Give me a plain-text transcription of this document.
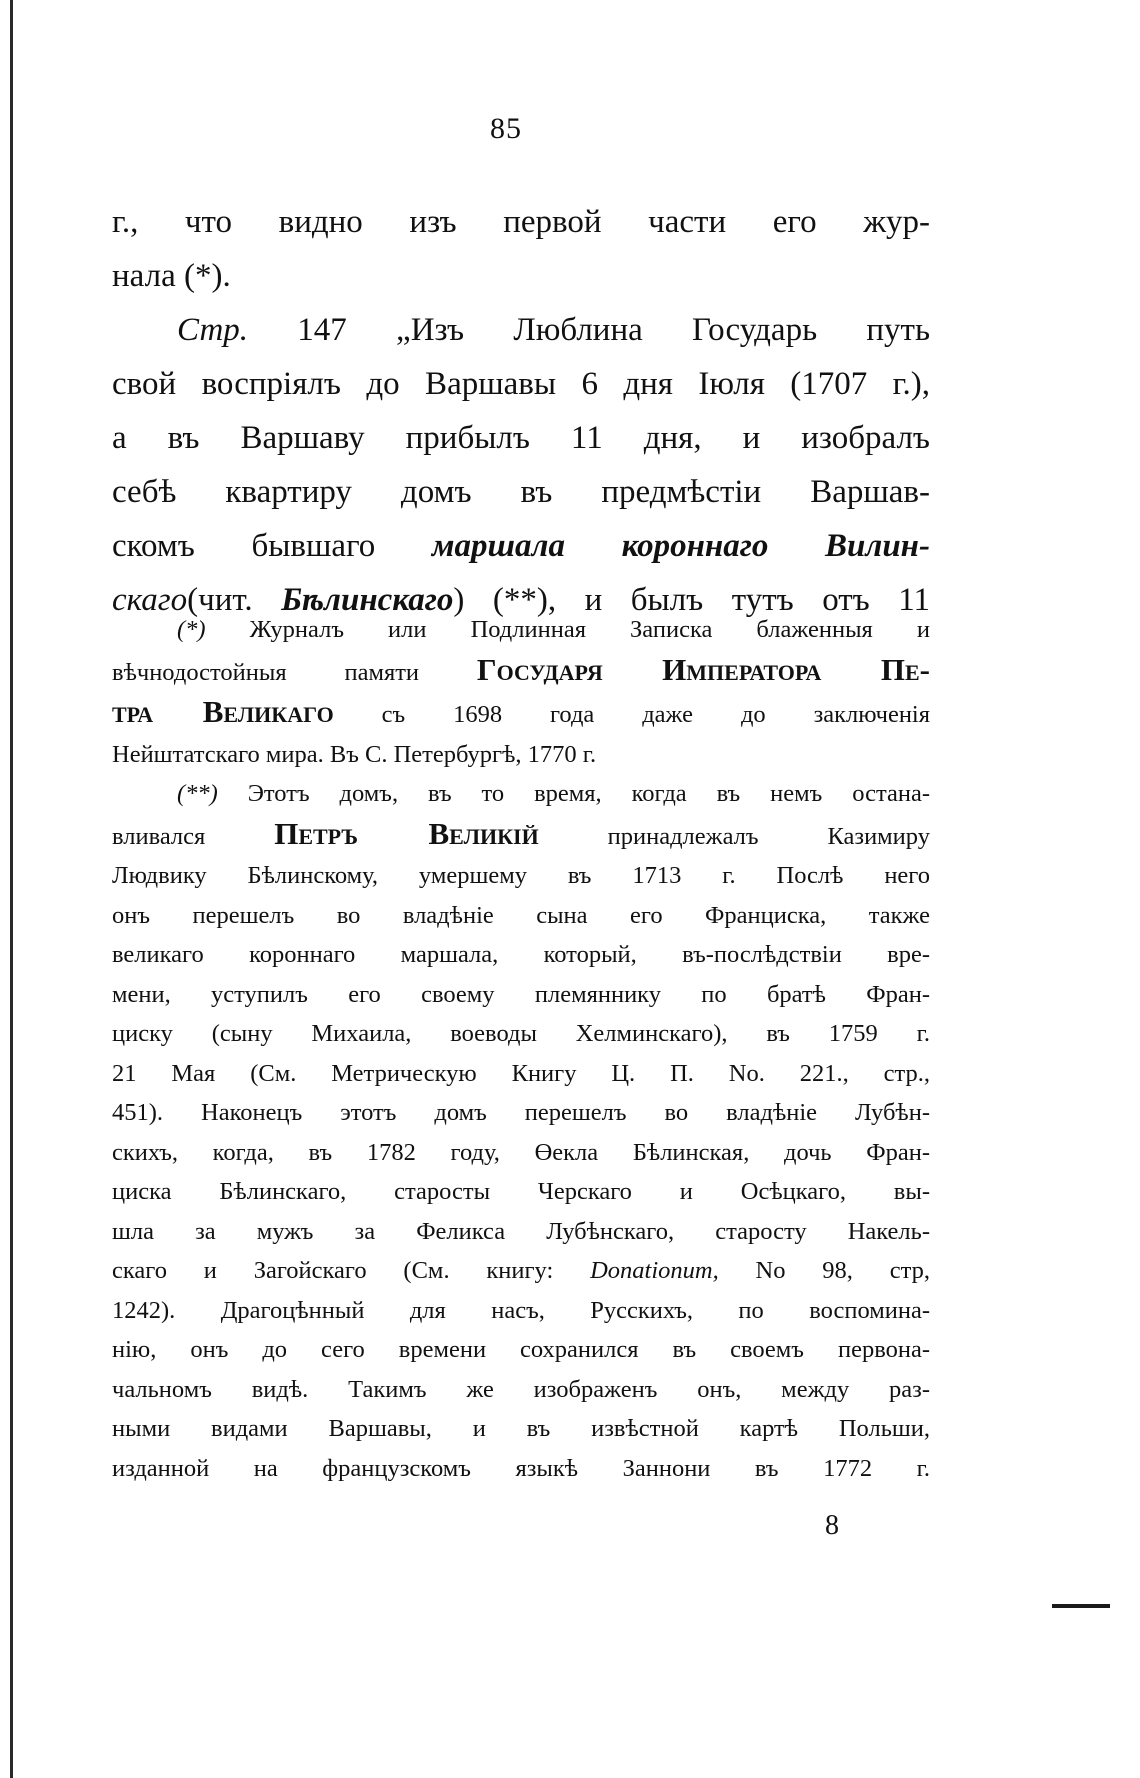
85
г., что видно изъ первой части его жур-
нала (*).
Стр. 147 „Изъ Люблина Государь путь
свой воспрiялъ до Варшавы 6 дня Iюля (1707 г.),
а въ Варшаву прибылъ 11 дня, и изобралъ
себѣ квартиру домъ въ предмѣстiи Варшав-
скомъ бывшаго маршала короннаго Вилин-
скаго(чит. Бѣлинскаго) (**), и былъ тутъ отъ 11
(*) Журналъ или Подлинная Записка блаженныя и
вѣчнодостойныя памяти Государя Императора Пе-
тра Великаго съ 1698 года даже до заключенiя
Нейштатскаго мира. Въ С. Петербургѣ, 1770 г.
(**) Этотъ домъ, въ то время, когда въ немъ остана-
вливался Петръ Великiй принадлежалъ Казимиру
Людвику Бѣлинскому, умершему въ 1713 г. Послѣ него
онъ перешелъ во владѣнiе сына его Франциска, также
великаго короннаго маршала, который, въ-послѣдствiи вре-
мени, уступилъ его своему племяннику по братѣ Фран-
циску (сыну Михаила, воеводы Хелминскаго), въ 1759 г.
21 Мая (См. Метрическую Книгу Ц. П. No. 221., стр.,
451). Наконецъ этотъ домъ перешелъ во владѣнiе Лубѣн-
скихъ, когда, въ 1782 году, Өекла Бѣлинская, дочь Фран-
циска Бѣлинскаго, старосты Черскаго и Осѣцкаго, вы-
шла за мужъ за Феликса Лубѣнскаго, старосту Накель-
скаго и Загойскаго (См. книгу: Donationum, No 98, стр,
1242). Драгоцѣнный для насъ, Русскихъ, по воспомина-
нiю, онъ до сего времени сохранился въ своемъ первона-
чальномъ видѣ. Такимъ же изображенъ онъ, между раз-
ными видами Варшавы, и въ извѣстной картѣ Польши,
изданной на французскомъ языкѣ Заннони въ 1772 г.
8
